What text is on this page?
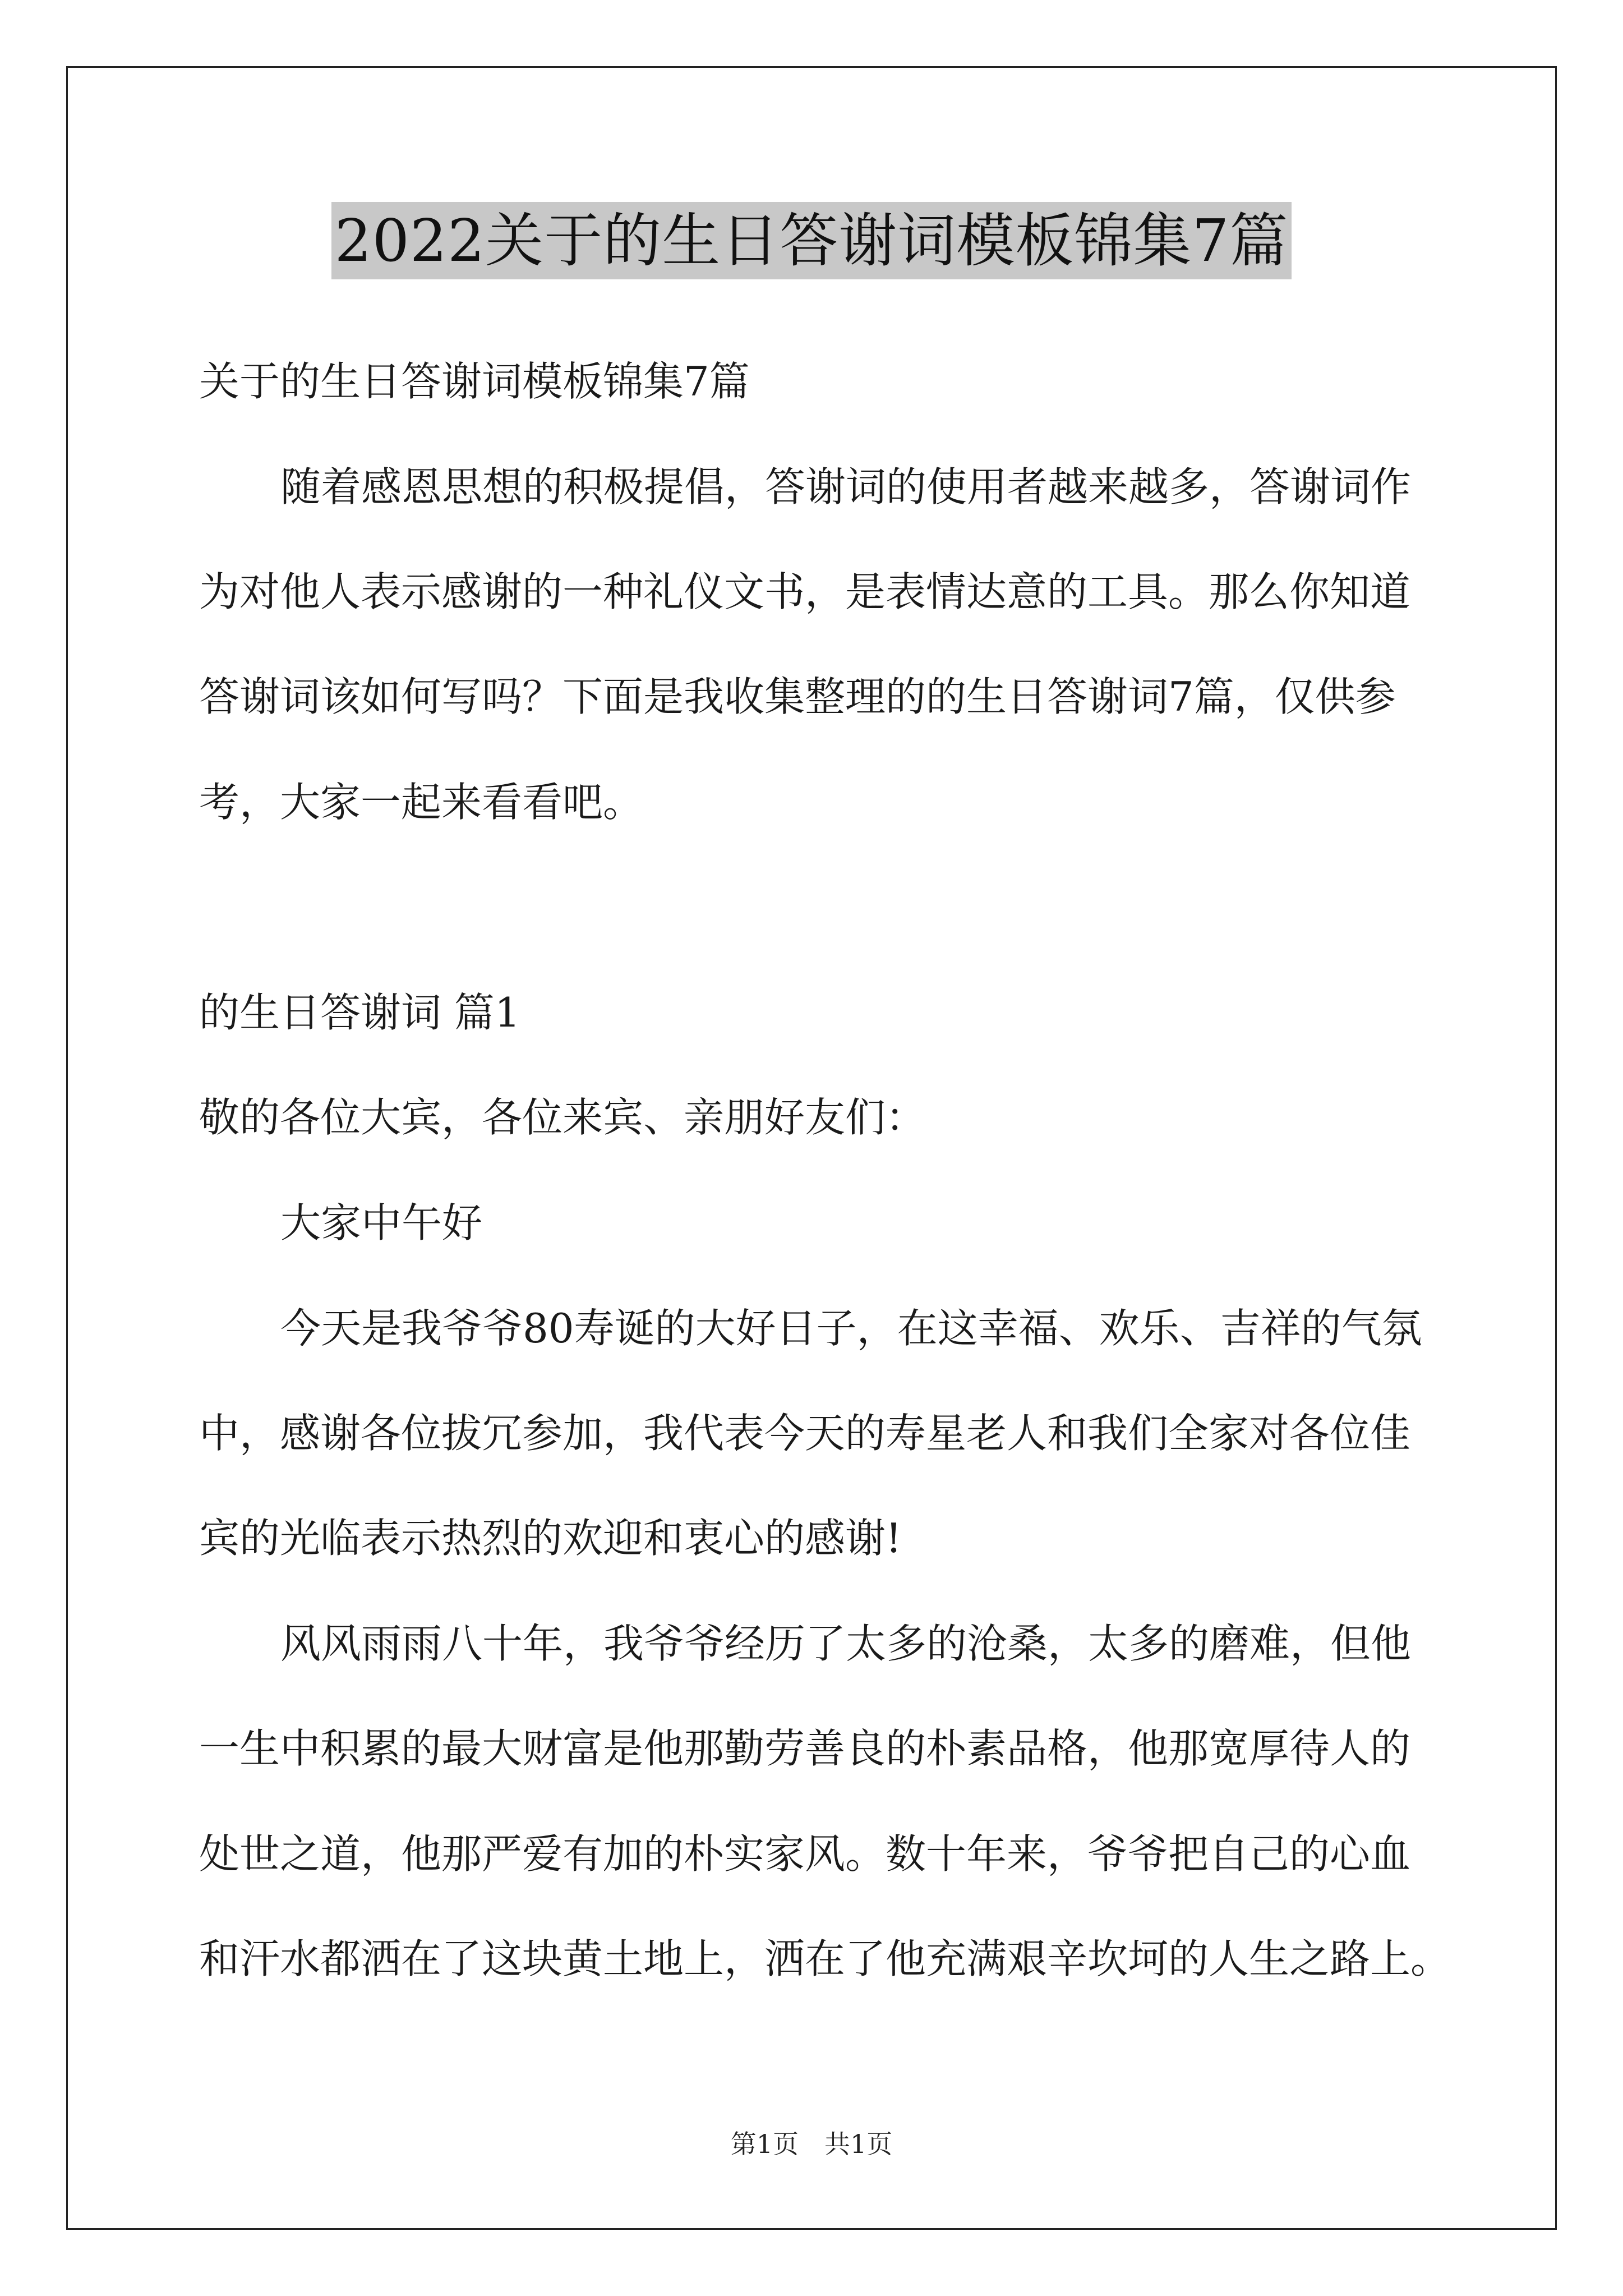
2022关于的生日答谢词模板锦集7篇
关于的生日答谢词模板锦集7篇
随着感恩思想的积极提倡，答谢词的使用者越来越多，答谢词作
为对他人表示感谢的一种礼仪文书，是表情达意的工具。那么你知道
答谢词该如何写吗？下面是我收集整理的的生日答谢词7篇，仅供参
考，大家一起来看看吧。
的生日答谢词 篇1
敬的各位大宾，各位来宾、亲朋好友们：
大家中午好
今天是我爷爷80寿诞的大好日子，在这幸福、欢乐、吉祥的气氛
中，感谢各位拔冗参加，我代表今天的寿星老人和我们全家对各位佳
宾的光临表示热烈的欢迎和衷心的感谢!
风风雨雨八十年，我爷爷经历了太多的沧桑，太多的磨难，但他
一生中积累的最大财富是他那勤劳善良的朴素品格，他那宽厚待人的
处世之道，他那严爱有加的朴实家风。数十年来，爷爷把自己的心血
和汗水都洒在了这块黄土地上，洒在了他充满艰辛坎坷的人生之路上。
第1页　共1页
